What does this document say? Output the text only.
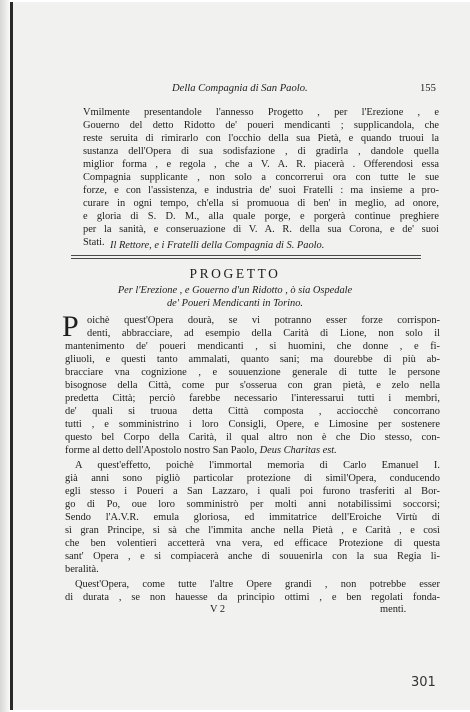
Della Compagnia di San Paolo.	155
Vmilmente presentandole l'annesso Progetto , per l'Erezione , e
Gouerno del detto Ridotto de' poueri mendicanti ; supplicandola, che
reste seruita di rimirarlo con l'occhio della sua Pietà, e quando truoui la
sustanza dell'Opera di sua sodisfazione , di gradirla , dandole quella
miglior forma , e regola , che a V. A. R. piacerà . Offerendosi essa
Compagnia supplicante , non solo a concorrerui ora con tutte le sue
forze, e con l'assistenza, e industria de' suoi Fratelli : ma insieme a pro-
curare in ogni tempo, ch'ella si promuoua di ben' in meglio, ad onore,
e gloria di S. D. M., alla quale porge, e porgerà continue preghiere
per la sanità, e conseruazione di V. A. R. della sua Corona, e de' suoi
Stati. Il Rettore, e i Fratelli della Compagnia di S. Paolo.
PROGETTO
Per l'Erezione , e Gouerno d'un Ridotto , ò sia Ospedale
de' Poueri Mendicanti in Torino.
P oichè quest'Opera dourà, se vi potranno esser forze corrispon-
denti, abbracciare, ad esempio della Carità di Lione, non solo il
mantenimento de' poueri mendicanti , si huomini, che donne , e fi-
gliuoli, e questi tanto ammalati, quanto sani; ma dourebbe di più ab-
bracciare vna cognizione , e souuenzione generale di tutte le persone
bisognose della Città, come pur s'osserua con gran pietà, e zelo nella
predetta Città; perciò farebbe necessario l'interessarui tutti i membri,
de' quali si truoua detta Città composta , acciocchè concorrano
tutti , e somministrino i loro Consigli, Opere, e Limosine per sostenere
questo bel Corpo della Carità, il qual altro non è che Dio stesso, con-
forme al detto dell'Apostolo nostro San Paolo, Deus Charitas est.
A quest'effetto, poichè l'immortal memoria di Carlo Emanuel I.
già anni sono pigliò particolar protezione di simil'Opera, conducendo
egli stesso i Poueri a San Lazzaro, i quali poi furono trasferiti al Bor-
go di Po, oue loro somministrò per molti anni notabilissimi soccorsi;
Sendo l'A.V.R. emula gloriosa, ed immitatrice dell'Eroiche Virtù di
sì gran Principe, si sà che l'immita anche nella Pietà , e Carità , e così
che ben volentieri accetterà vna vera, ed efficace Protezione di questa
sant' Opera , e si compiacerà anche di souuenirla con la sua Regia li-
beralità.
Quest'Opera, come tutte l'altre Opere grandi , non potrebbe esser
di durata , se non hauesse da principio ottimi , e ben regolati fonda-
V 2	menti.
301
